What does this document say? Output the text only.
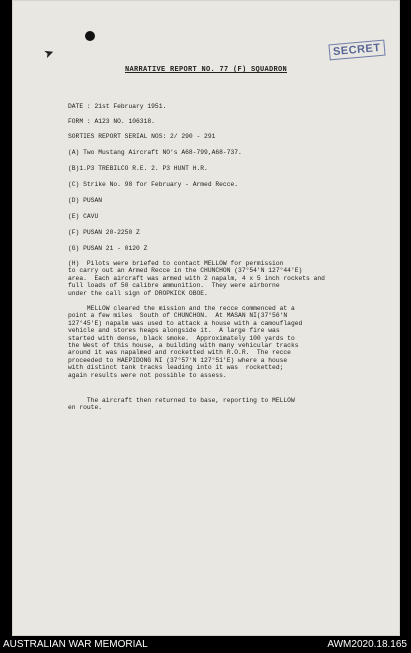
➤	SECRET
NARRATIVE REPORT NO. 77 (F) SQUADRON
DATE : 21st February 1951.
FORM : A123 NO. 106318.
SORTIES REPORT SERIAL NOS: 2/ 290 - 291
(A) Two Mustang Aircraft NO's A68-799,A68-737.
(B)1.P3 TREBILCO R.E. 2. P3 HUNT H.R.
(C) Strike No. 98 for February - Armed Recce.
(D) PUSAN
(E) CAVU
(F) PUSAN 20-2250 Z
(G) PUSAN 21 - 0120 Z
(H)  Pilots were briefed to contact MELLOW for permission
to carry out an Armed Recce in the CHUNCHON (37°54'N 127°44'E)
area.  Each aircraft was armed with 2 napalm, 4 x 5 inch rockets and
full loads of 50 calibre ammunition.  They were airborne
under the call sign of DROPKICK OBOE.
MELLOW cleared the mission and the recce commenced at a
point a few miles  South of CHUNCHON.  At MASAN NI(37°56'N
127°45'E) napalm was used to attack a house with a camouflaged
vehicle and stores heaps alongside it.  A large fire was
started with dense, black smoke.  Approximately 100 yards to
the West of this house, a building with many vehicular tracks
around it was napalmed and rocketted with R.O.R.  The recce
proceeded to HAEPIDONG NI (37°57'N 127°51'E) where a house
with distinct tank tracks leading into it was  rocketted;
again results were not possible to assess.
The aircraft then returned to base, reporting to MELLOW
en route.
AUSTRALIAN WAR MEMORIAL	AWM2020.18.165
